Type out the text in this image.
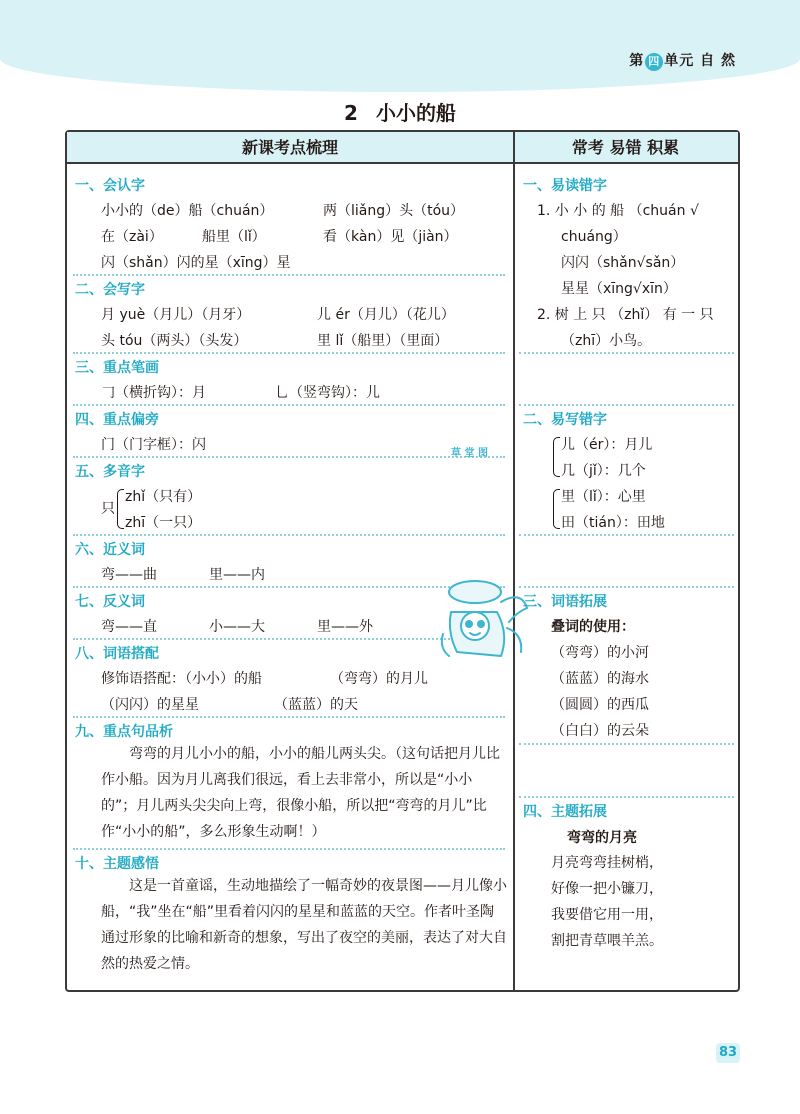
第 四 单元 自 然
2 小小的船
新课考点梳理	常考 易错 积累
一、会认字
小小的（de）船（chuán）	两（liǎng）头（tóu）
在（zài）	船里（lǐ）	看（kàn）见（jiàn）
闪（shǎn）闪的星（xīng）星
二、会写字
月 yuè（月儿）（月牙）	儿 ér（月儿）（花儿）
头 tóu（两头）（头发）	里 lǐ（船里）（里面）
三、重点笔画
𠃌（横折钩）：月	乚（竖弯钩）：儿
四、重点偏旁
门（门字框）：闪
五、多音字
只
zhǐ（只有）
zhī（一只）
六、近义词
弯——曲	里——内
七、反义词
弯——直	小——大	里——外
八、词语搭配
修饰语搭配：（小小）的船	（弯弯）的月儿
（闪闪）的星星	（蓝蓝）的天
九、重点句品析
弯弯的月儿小小的船，小小的船儿两头尖。（这句话把月儿比作小船。因为月儿离我们很远，看上去非常小，所以是“小小的”；月儿两头尖尖向上弯，很像小船，所以把“弯弯的月儿”比作“小小的船”，多么形象生动啊！）
十、主题感悟
这是一首童谣，生动地描绘了一幅奇妙的夜景图——月儿像小船，“我”坐在“船”里看着闪闪的星星和蓝蓝的天空。作者叶圣陶通过形象的比喻和新奇的想象，写出了夜空的美丽，表达了对大自然的热爱之情。
草 堂 图
一、易读错字
1. 小 小 的 船 （chuán √
chuáng）
闪闪（shǎn√sǎn）
星星（xīng√xīn）
2. 树 上 只 （zhǐ） 有 一 只
（zhī）小鸟。
二、易写错字
儿（ér）：月儿
几（jǐ）：几个
里（lǐ）：心里
田（tián）：田地
三、词语拓展
叠词的使用：
（弯弯）的小河
（蓝蓝）的海水
（圆圆）的西瓜
（白白）的云朵
四、主题拓展
弯弯的月亮
月亮弯弯挂树梢，
好像一把小镰刀，
我要借它用一用，
割把青草喂羊羔。
83
